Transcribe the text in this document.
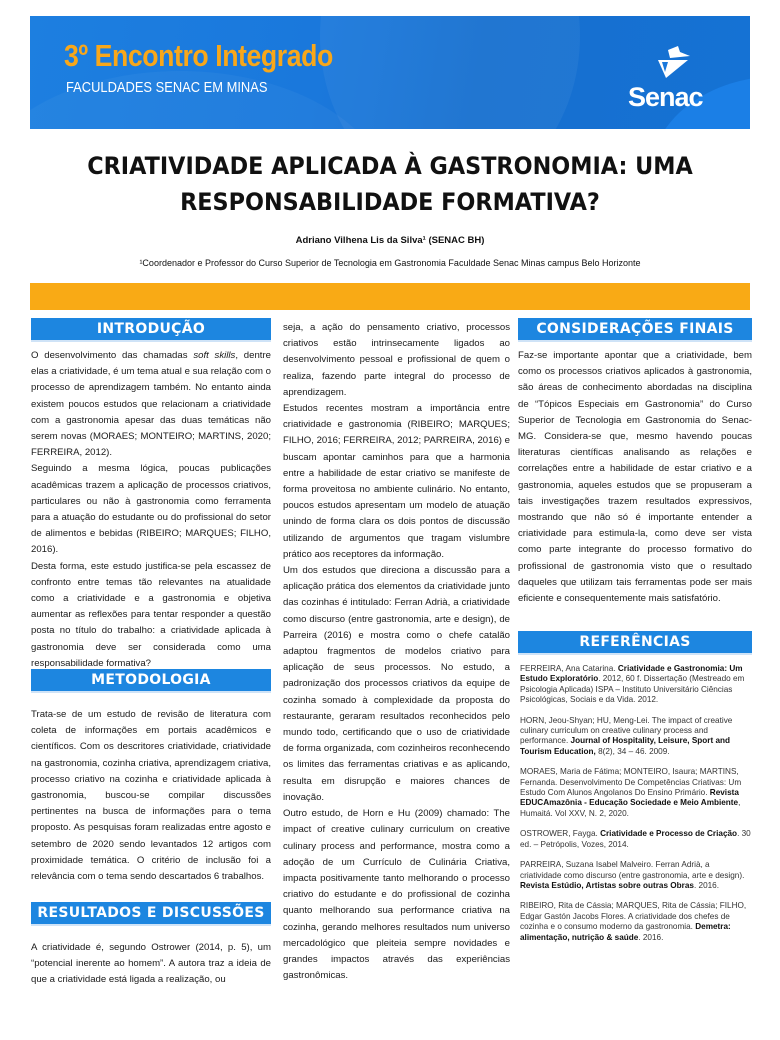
3º Encontro Integrado
FACULDADES SENAC EM MINAS	Senac
CRIATIVIDADE APLICADA À GASTRONOMIA: UMA
RESPONSABILIDADE FORMATIVA?
Adriano Vilhena Lis da Silva¹ (SENAC BH)
¹Coordenador e Professor do Curso Superior de Tecnologia em Gastronomia Faculdade Senac Minas campus Belo Horizonte
INTRODUÇÃO

O desenvolvimento das chamadas soft skills, dentre elas a criatividade, é um tema atual e sua relação com o processo de aprendizagem também. No entanto ainda existem poucos estudos que relacionam a criatividade com a gastronomia apesar das duas temáticas não serem novas (MORAES; MONTEIRO; MARTINS, 2020; FERREIRA, 2012).

Seguindo a mesma lógica, poucas publicações acadêmicas trazem a aplicação de processos criativos, particulares ou não à gastronomia como ferramenta para a atuação do estudante ou do profissional do setor de alimentos e bebidas (RIBEIRO; MARQUES; FILHO, 2016).

Desta forma, este estudo justifica-se pela escassez de confronto entre temas tão relevantes na atualidade como a criatividade e a gastronomia e objetiva aumentar as reflexões para tentar responder a questão posta no título do trabalho: a criatividade aplicada à gastronomia deve ser considerada como uma responsabilidade formativa?

METODOLOGIA

Trata-se de um estudo de revisão de literatura com coleta de informações em portais acadêmicos e científicos. Com os descritores criatividade, criatividade na gastronomia, cozinha criativa, aprendizagem criativa, processo criativo na cozinha e criatividade aplicada à gastronomia, buscou-se compilar discussões pertinentes na busca de informações para o tema proposto. As pesquisas foram realizadas entre agosto e setembro de 2020 sendo levantados 12 artigos com proximidade temática. O critério de inclusão foi a relevância com o tema sendo descartados 6 trabalhos.

RESULTADOS E DISCUSSÕES

A criatividade é, segundo Ostrower (2014, p. 5), um “potencial inerente ao homem”. A autora traz a ideia de que a criatividade está ligada a realização, ou

seja, a ação do pensamento criativo, processos criativos estão intrinsecamente ligados ao desenvolvimento pessoal e profissional de quem o realiza, fazendo parte integral do processo de aprendizagem.

Estudos recentes mostram a importância entre criatividade e gastronomia (RIBEIRO; MARQUES; FILHO, 2016; FERREIRA, 2012; PARREIRA, 2016) e buscam apontar caminhos para que a harmonia entre a habilidade de estar criativo se manifeste de forma proveitosa no ambiente culinário. No entanto, poucos estudos apresentam um modelo de atuação unindo de forma clara os dois pontos de discussão utilizando de argumentos que tragam vislumbre prático aos receptores da informação.

Um dos estudos que direciona a discussão para a aplicação prática dos elementos da criatividade junto das cozinhas é intitulado: Ferran Adrià, a criatividade como discurso (entre gastronomia, arte e design), de Parreira (2016) e mostra como o chefe catalão adaptou fragmentos de modelos criativo para aplicação de seus processos. No estudo, a padronização dos processos criativos da equipe de cozinha somado à complexidade da proposta do restaurante, geraram resultados reconhecidos pelo mundo todo, certificando que o uso de criatividade de forma organizada, com cozinheiros reconhecendo os limites das ferramentas criativas e as aplicando, resulta em disrupção e maiores chances de inovação.

Outro estudo, de Horn e Hu (2009) chamado: The impact of creative culinary curriculum on creative culinary process and performance, mostra como a adoção de um Currículo de Culinária Criativa, impacta positivamente tanto melhorando o processo criativo do estudante e do profissional de cozinha quanto melhorando sua performance criativa na cozinha, gerando melhores resultados num universo mercadológico que pleiteia sempre novidades e grandes impactos através das experiências gastronômicas.

CONSIDERAÇÕES FINAIS

Faz-se importante apontar que a criatividade, bem como os processos criativos aplicados à gastronomia, são áreas de conhecimento abordadas na disciplina de “Tópicos Especiais em Gastronomia” do Curso Superior de Tecnologia em Gastronomia do Senac-MG. Considera-se que, mesmo havendo poucas literaturas científicas analisando as relações e correlações entre a habilidade de estar criativo e a gastronomia, aqueles estudos que se propuseram a tais investigações trazem resultados expressivos, mostrando que não só é importante entender a criatividade para estimula-la, como deve ser vista como parte integrante do processo formativo do profissional de gastronomia visto que o resultado daqueles que utilizam tais ferramentas pode ser mais eficiente e consequentemente mais satisfatório.

REFERÊNCIAS

FERREIRA, Ana Catarina. Criatividade e Gastronomia: Um Estudo Exploratório. 2012, 60 f. Dissertação (Mestreado em Psicologia Aplicada) ISPA – Instituto Universitário Ciências Psicológicas, Sociais e da Vida. 2012.

HORN, Jeou-Shyan; HU, Meng-Lei. The impact of creative culinary curriculum on creative culinary process and performance. Journal of Hospitality, Leisure, Sport and Tourism Education, 8(2), 34 – 46. 2009.

MORAES, Maria de Fátima; MONTEIRO, Isaura; MARTINS, Fernanda. Desenvolvimento De Competências Criativas: Um Estudo Com Alunos Angolanos Do Ensino Primário. Revista EDUCAmazônia - Educação Sociedade e Meio Ambiente, Humaitá. Vol XXV, N. 2, 2020.

OSTROWER, Fayga. Criatividade e Processo de Criação. 30 ed. – Petrópolis, Vozes, 2014.

PARREIRA, Suzana Isabel Malveiro. Ferran Adrià, a criatividade como discurso (entre gastronomia, arte e design). Revista Estúdio, Artistas sobre outras Obras. 2016.

RIBEIRO, Rita de Cássia; MARQUES, Rita de Cássia; FILHO, Edgar Gastón Jacobs Flores. A criatividade dos chefes de cozinha e o consumo moderno da gastronomia. Demetra: alimentação, nutrição & saúde. 2016.
